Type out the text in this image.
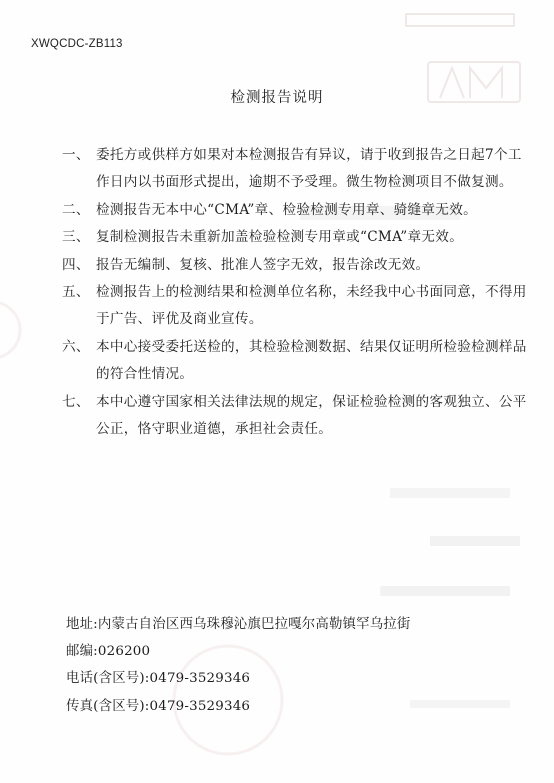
XWQCDC-ZB113
检测报告说明
一、 委托方或供样方如果对本检测报告有异议，请于收到报告之日起7个工作日内以书面形式提出，逾期不予受理。微生物检测项目不做复测。
二、 检测报告无本中心“CMA”章、检验检测专用章、骑缝章无效。
三、 复制检测报告未重新加盖检验检测专用章或“CMA”章无效。
四、 报告无编制、复核、批准人签字无效，报告涂改无效。
五、 检测报告上的检测结果和检测单位名称，未经我中心书面同意，不得用于广告、评优及商业宣传。
六、 本中心接受委托送检的，其检验检测数据、结果仅证明所检验检测样品的符合性情况。
七、 本中心遵守国家相关法律法规的规定，保证检验检测的客观独立、公平公正，恪守职业道德，承担社会责任。
地址: 内蒙古自治区西乌珠穆沁旗巴拉嘎尔高勒镇罕乌拉街
邮编: 026200
电话(含区号): 0479-3529346
传真(含区号): 0479-3529346
